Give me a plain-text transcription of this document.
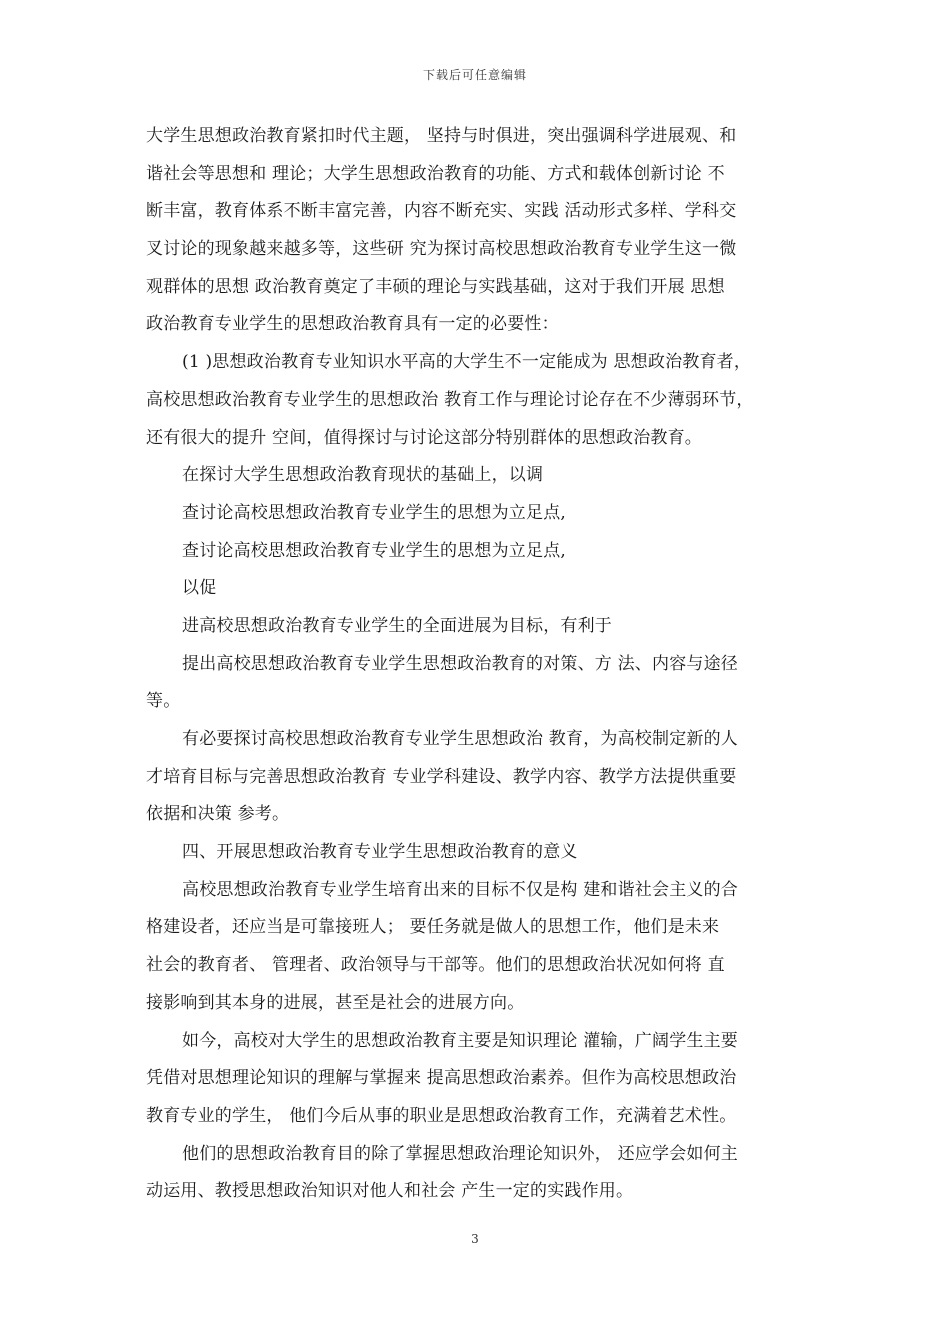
下载后可任意编辑
大学生思想政治教育紧扣时代主题， 坚持与时俱进，突出强调科学进展观、和
谐社会等思想和 理论；大学生思想政治教育的功能、方式和载体创新讨论 不
断丰富，教育体系不断丰富完善，内容不断充实、实践 活动形式多样、学科交
叉讨论的现象越来越多等，这些研 究为探讨高校思想政治教育专业学生这一微
观群体的思想 政治教育奠定了丰硕的理论与实践基础，这对于我们开展 思想
政治教育专业学生的思想政治教育具有一定的必要性：
(1 )思想政治教育专业知识水平高的大学生不一定能成为 思想政治教育者，
高校思想政治教育专业学生的思想政治 教育工作与理论讨论存在不少薄弱环节，
还有很大的提升 空间，值得探讨与讨论这部分特别群体的思想政治教育。
在探讨大学生思想政治教育现状的基础上，以调
查讨论高校思想政治教育专业学生的思想为立足点,
查讨论高校思想政治教育专业学生的思想为立足点,
以促
进高校思想政治教育专业学生的全面进展为目标，有利于
提出高校思想政治教育专业学生思想政治教育的对策、方 法、内容与途径
等。
有必要探讨高校思想政治教育专业学生思想政治 教育，为高校制定新的人
才培育目标与完善思想政治教育 专业学科建设、教学内容、教学方法提供重要
依据和决策 参考。
四、开展思想政治教育专业学生思想政治教育的意义
高校思想政治教育专业学生培育出来的目标不仅是构 建和谐社会主义的合
格建设者，还应当是可靠接班人； 要任务就是做人的思想工作，他们是未来
社会的教育者、 管理者、政治领导与干部等。他们的思想政治状况如何将 直
接影响到其本身的进展，甚至是社会的进展方向。
如今，高校对大学生的思想政治教育主要是知识理论 灌输，广阔学生主要
凭借对思想理论知识的理解与掌握来 提高思想政治素养。但作为高校思想政治
教育专业的学生， 他们今后从事的职业是思想政治教育工作，充满着艺术性。
他们的思想政治教育目的除了掌握思想政治理论知识外， 还应学会如何主
动运用、教授思想政治知识对他人和社会 产生一定的实践作用。
3
